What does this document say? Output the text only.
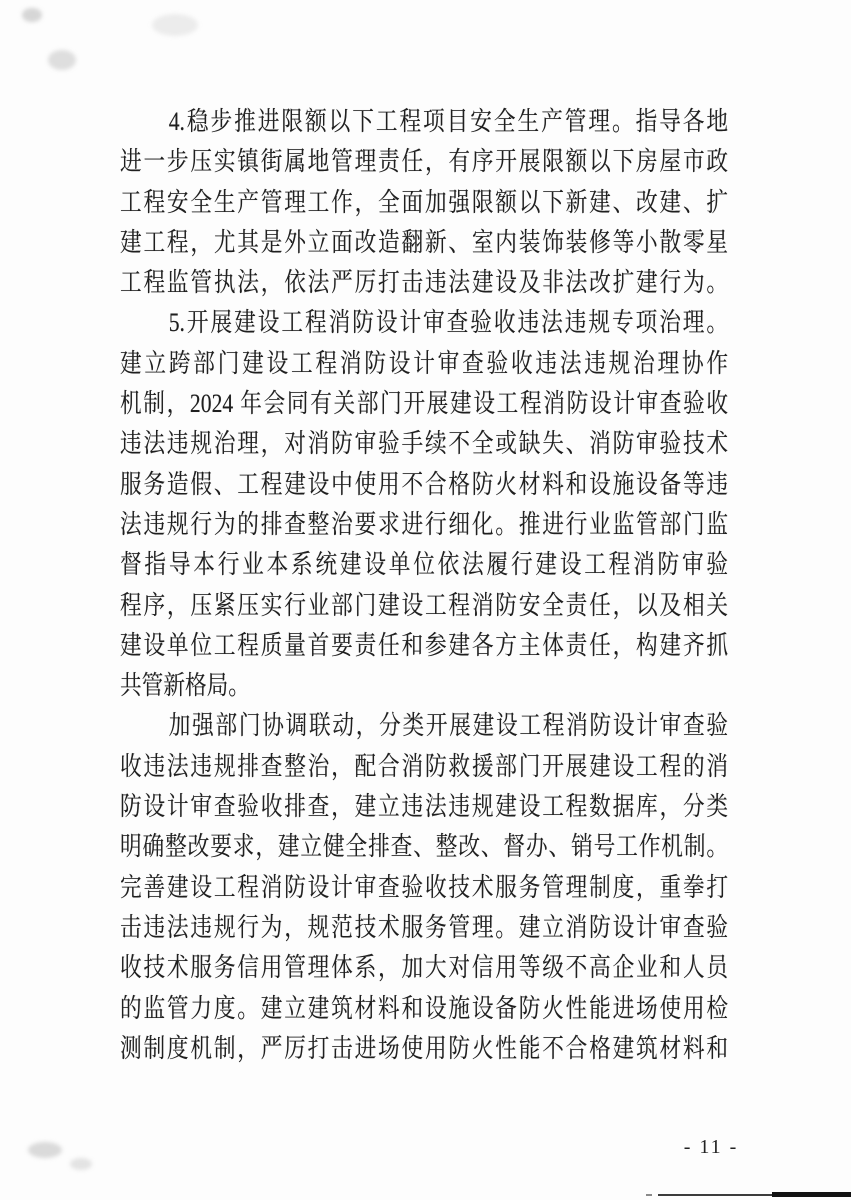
4.稳步推进限额以下工程项目安全生产管理。指导各地
进一步压实镇街属地管理责任，有序开展限额以下房屋市政
工程安全生产管理工作，全面加强限额以下新建、改建、扩
建工程，尤其是外立面改造翻新、室内装饰装修等小散零星
工程监管执法，依法严厉打击违法建设及非法改扩建行为。
5.开展建设工程消防设计审查验收违法违规专项治理。
建立跨部门建设工程消防设计审查验收违法违规治理协作
机制，2024 年会同有关部门开展建设工程消防设计审查验收
违法违规治理，对消防审验手续不全或缺失、消防审验技术
服务造假、工程建设中使用不合格防火材料和设施设备等违
法违规行为的排查整治要求进行细化。推进行业监管部门监
督指导本行业本系统建设单位依法履行建设工程消防审验
程序，压紧压实行业部门建设工程消防安全责任，以及相关
建设单位工程质量首要责任和参建各方主体责任，构建齐抓
共管新格局。
加强部门协调联动，分类开展建设工程消防设计审查验
收违法违规排查整治，配合消防救援部门开展建设工程的消
防设计审查验收排查，建立违法违规建设工程数据库，分类
明确整改要求，建立健全排查、整改、督办、销号工作机制。
完善建设工程消防设计审查验收技术服务管理制度，重拳打
击违法违规行为，规范技术服务管理。建立消防设计审查验
收技术服务信用管理体系，加大对信用等级不高企业和人员
的监管力度。建立建筑材料和设施设备防火性能进场使用检
测制度机制，严厉打击进场使用防火性能不合格建筑材料和
- 11 -
